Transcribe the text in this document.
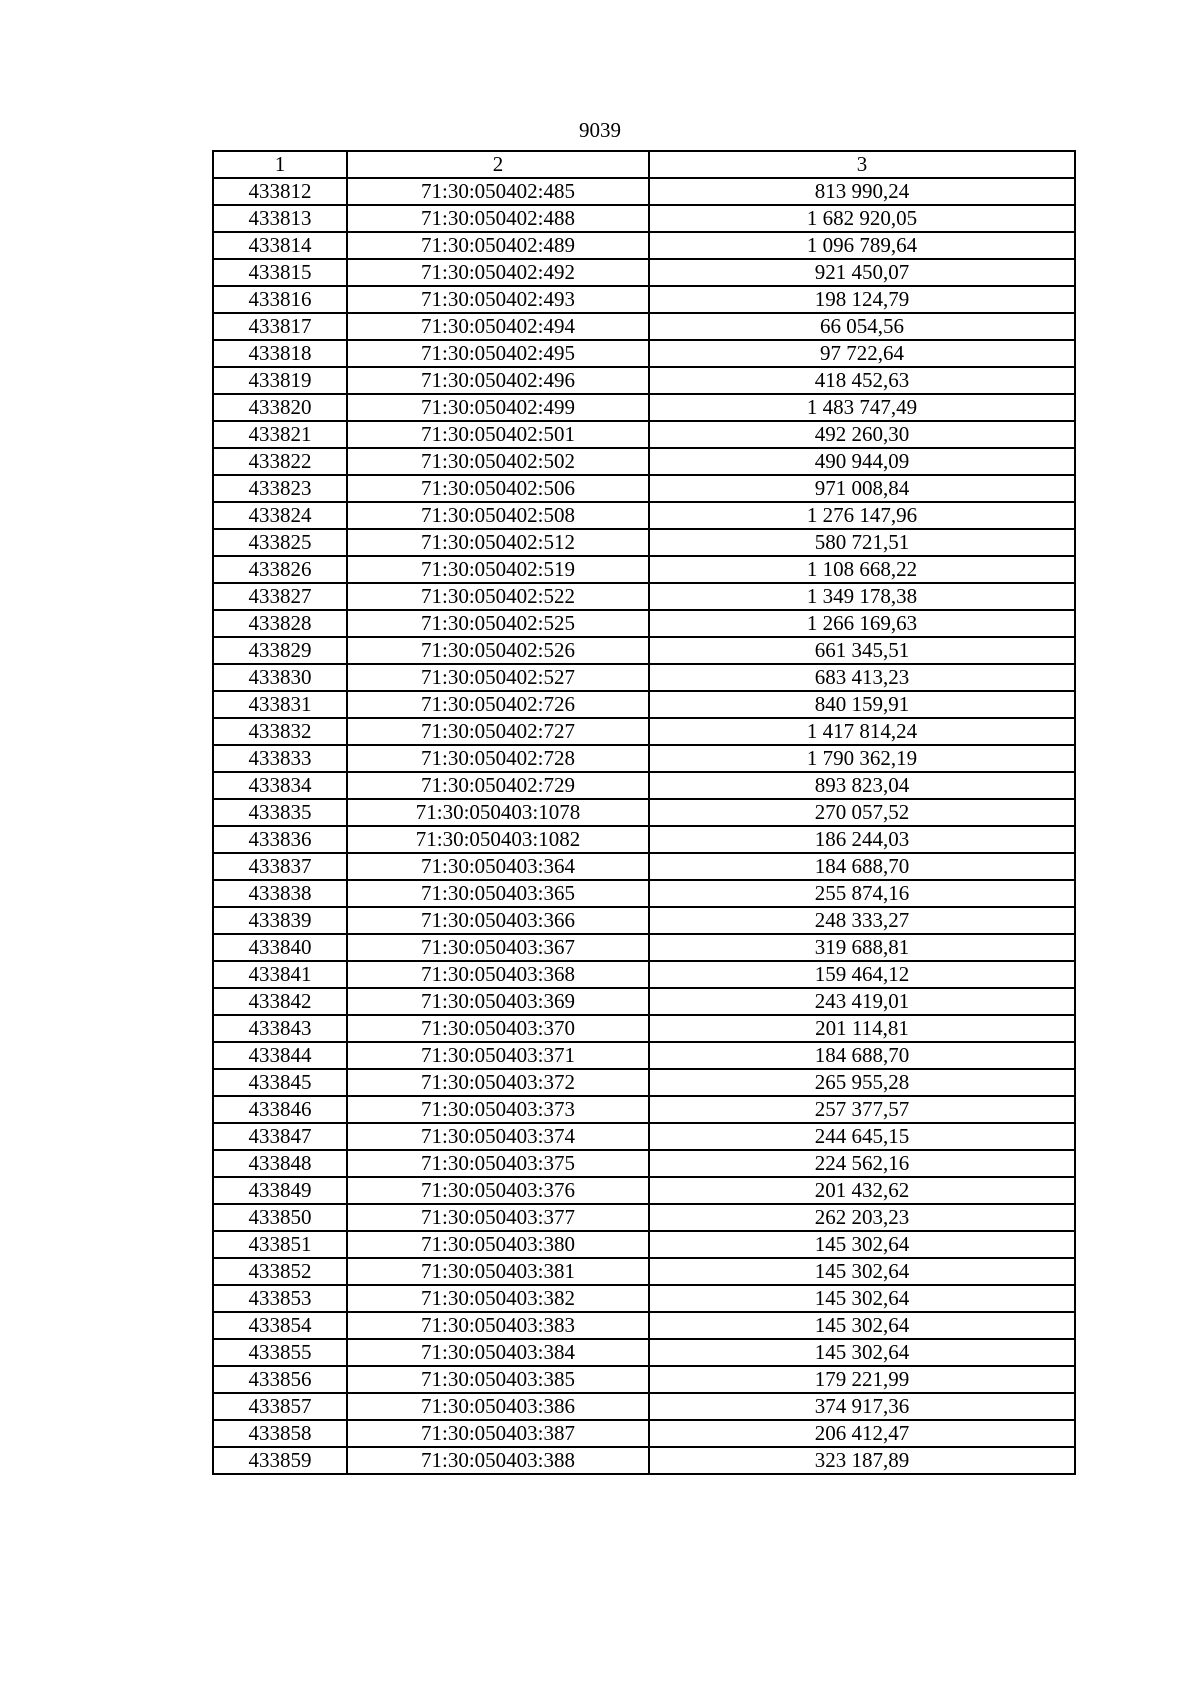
9039
1	2	3
433812	71:30:050402:485	813 990,24
433813	71:30:050402:488	1 682 920,05
433814	71:30:050402:489	1 096 789,64
433815	71:30:050402:492	921 450,07
433816	71:30:050402:493	198 124,79
433817	71:30:050402:494	66 054,56
433818	71:30:050402:495	97 722,64
433819	71:30:050402:496	418 452,63
433820	71:30:050402:499	1 483 747,49
433821	71:30:050402:501	492 260,30
433822	71:30:050402:502	490 944,09
433823	71:30:050402:506	971 008,84
433824	71:30:050402:508	1 276 147,96
433825	71:30:050402:512	580 721,51
433826	71:30:050402:519	1 108 668,22
433827	71:30:050402:522	1 349 178,38
433828	71:30:050402:525	1 266 169,63
433829	71:30:050402:526	661 345,51
433830	71:30:050402:527	683 413,23
433831	71:30:050402:726	840 159,91
433832	71:30:050402:727	1 417 814,24
433833	71:30:050402:728	1 790 362,19
433834	71:30:050402:729	893 823,04
433835	71:30:050403:1078	270 057,52
433836	71:30:050403:1082	186 244,03
433837	71:30:050403:364	184 688,70
433838	71:30:050403:365	255 874,16
433839	71:30:050403:366	248 333,27
433840	71:30:050403:367	319 688,81
433841	71:30:050403:368	159 464,12
433842	71:30:050403:369	243 419,01
433843	71:30:050403:370	201 114,81
433844	71:30:050403:371	184 688,70
433845	71:30:050403:372	265 955,28
433846	71:30:050403:373	257 377,57
433847	71:30:050403:374	244 645,15
433848	71:30:050403:375	224 562,16
433849	71:30:050403:376	201 432,62
433850	71:30:050403:377	262 203,23
433851	71:30:050403:380	145 302,64
433852	71:30:050403:381	145 302,64
433853	71:30:050403:382	145 302,64
433854	71:30:050403:383	145 302,64
433855	71:30:050403:384	145 302,64
433856	71:30:050403:385	179 221,99
433857	71:30:050403:386	374 917,36
433858	71:30:050403:387	206 412,47
433859	71:30:050403:388	323 187,89
